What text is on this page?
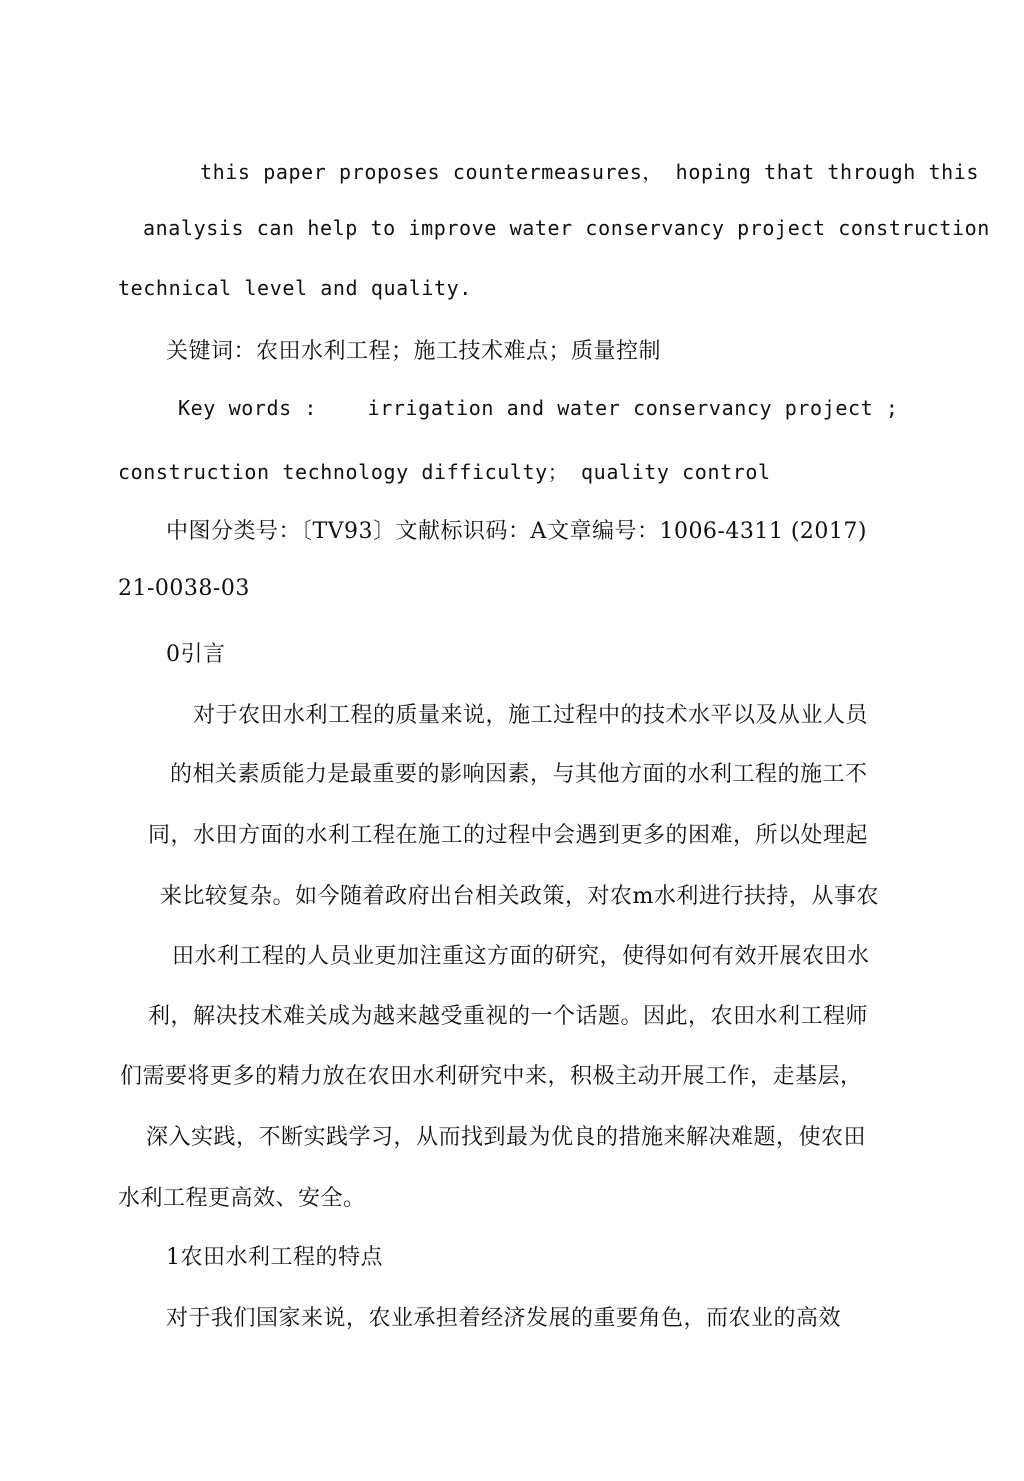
this paper proposes countermeasures， hoping that through this
analysis can help to improve water conservancy project construction
technical level and quality.
关键词：农田水利工程；施工技术难点；质量控制
Key words :    irrigation and water conservancy project ;
construction technology difficulty； quality control
中图分类号：〔TV93〕文献标识码：A文章编号：1006-4311 (2017)
21-0038-03
0引言
对于农田水利工程的质量来说，施工过程中的技术水平以及从业人员
的相关素质能力是最重要的影响因素，与其他方面的水利工程的施工不
同，水田方面的水利工程在施工的过程中会遇到更多的困难，所以处理起
来比较复杂。如今随着政府出台相关政策，对农m水利进行扶持，从事农
田水利工程的人员业更加注重这方面的研究，使得如何有效开展农田水
利，解决技术难关成为越来越受重视的一个话题。因此，农田水利工程师
们需要将更多的精力放在农田水利研究中来，积极主动开展工作，走基层，
深入实践，不断实践学习，从而找到最为优良的措施来解决难题，使农田
水利工程更高效、安全。
1农田水利工程的特点
对于我们国家来说，农业承担着经济发展的重要角色，而农业的高效
